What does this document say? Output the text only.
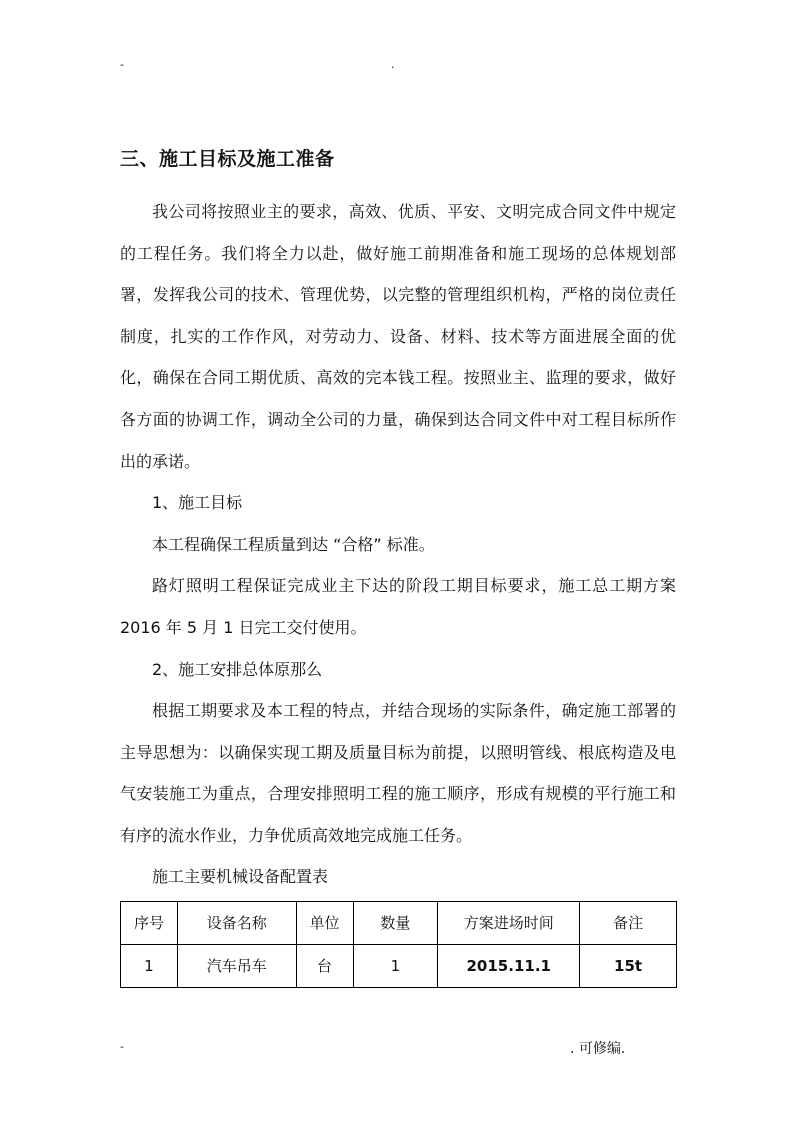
-	.
三、施工目标及施工准备

我公司将按照业主的要求，高效、优质、平安、文明完成合同文件中规定的工程任务。我们将全力以赴，做好施工前期准备和施工现场的总体规划部署，发挥我公司的技术、管理优势，以完整的管理组织机构，严格的岗位责任制度，扎实的工作作风，对劳动力、设备、材料、技术等方面进展全面的优化，确保在合同工期优质、高效的完本钱工程。按照业主、监理的要求，做好各方面的协调工作，调动全公司的力量，确保到达合同文件中对工程目标所作出的承诺。

1、施工目标

本工程确保工程质量到达 “合格” 标准。

路灯照明工程保证完成业主下达的阶段工期目标要求，施工总工期方案 2016 年 5 月 1 日完工交付使用。

2、施工安排总体原那么

根据工期要求及本工程的特点，并结合现场的实际条件，确定施工部署的主导思想为：以确保实现工期及质量目标为前提，以照明管线、根底构造及电气安装施工为重点，合理安排照明工程的施工顺序，形成有规模的平行施工和有序的流水作业，力争优质高效地完成施工任务。

施工主要机械设备配置表

序号	设备名称	单位	数量	方案进场时间	备注
1	汽车吊车	台	1	2015.11.1	15t
-	. 可修编.
